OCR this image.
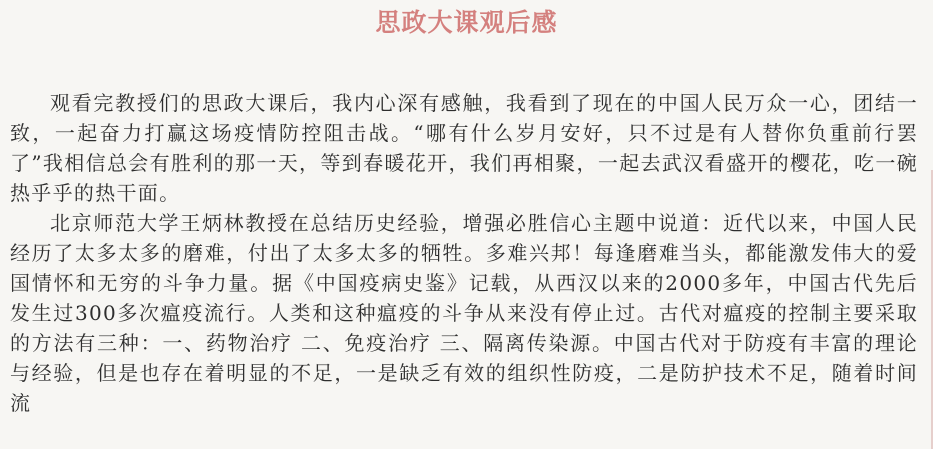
思政大课观后感

观看完教授们的思政大课后，我内心深有感触，我看到了现在的中国人民万众一心，团结一致，一起奋力打赢这场疫情防控阻击战。“哪有什么岁月安好，只不过是有人替你负重前行罢了”我相信总会有胜利的那一天，等到春暖花开，我们再相聚，一起去武汉看盛开的樱花，吃一碗热乎乎的热干面。

北京师范大学王炳林教授在总结历史经验，增强必胜信心主题中说道：近代以来，中国人民经历了太多太多的磨难，付出了太多太多的牺牲。多难兴邦！每逢磨难当头，都能激发伟大的爱国情怀和无穷的斗争力量。据《中国疫病史鉴》记载，从西汉以来的2000多年，中国古代先后发生过300多次瘟疫流行。人类和这种瘟疫的斗争从来没有停止过。古代对瘟疫的控制主要采取的方法有三种：一、药物治疗 二、免疫治疗 三、隔离传染源。中国古代对于防疫有丰富的理论与经验，但是也存在着明显的不足，一是缺乏有效的组织性防疫，二是防护技术不足，随着时间流
